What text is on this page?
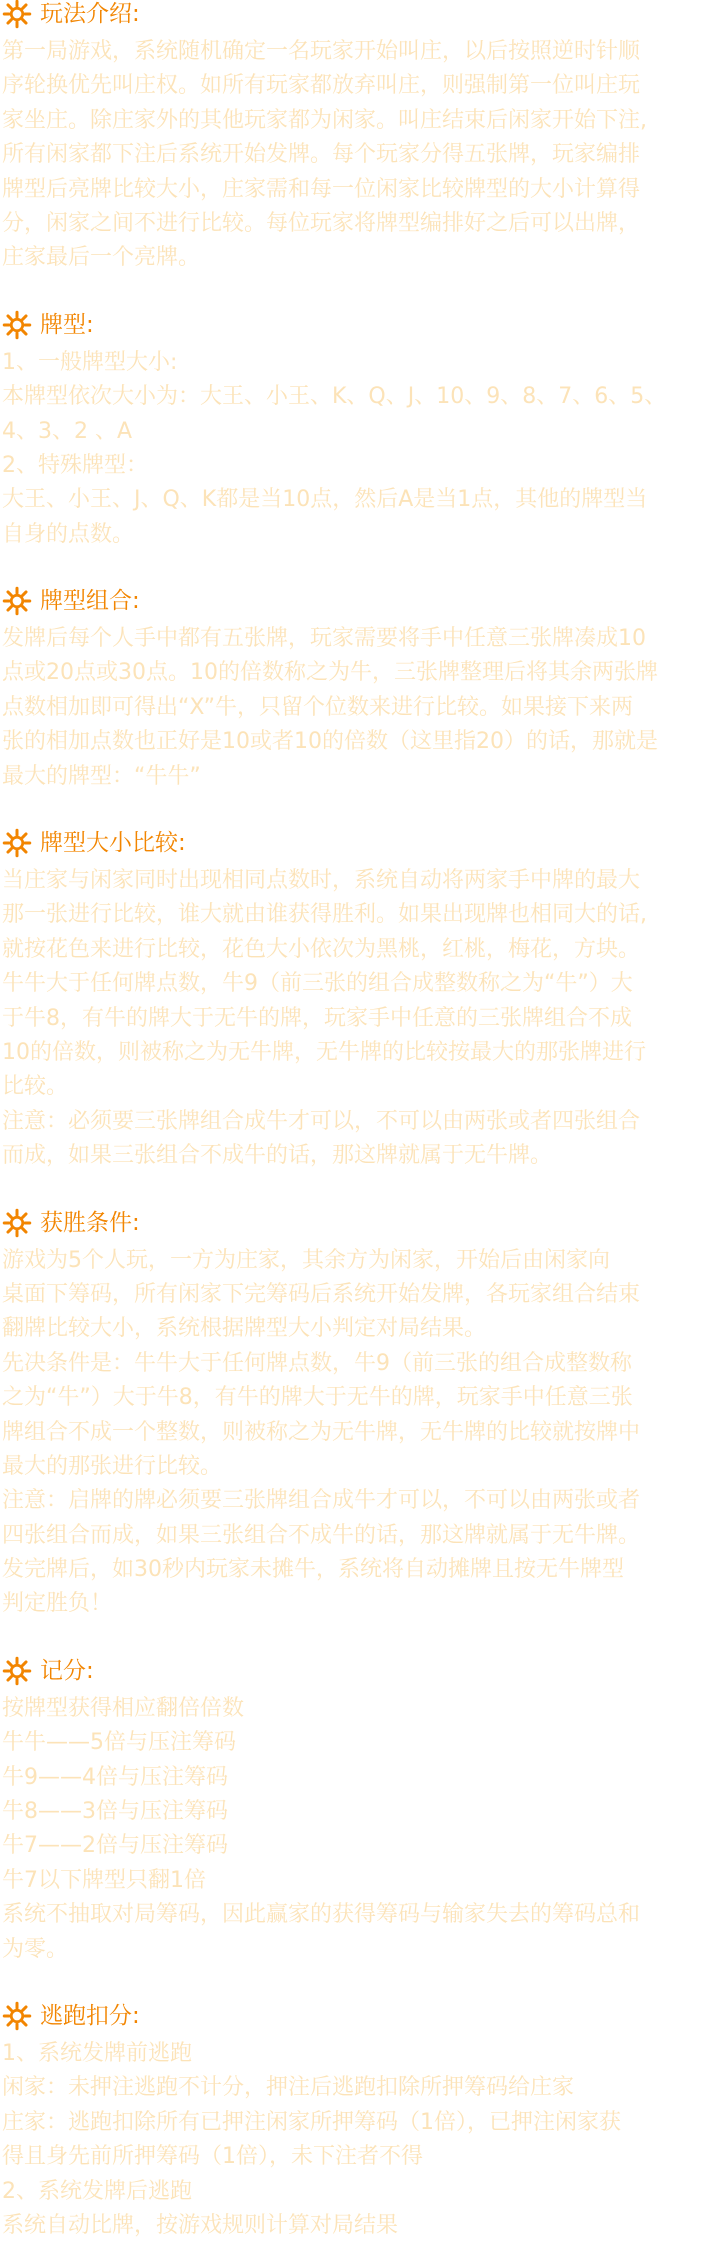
玩法介绍:
第一局游戏，系统随机确定一名玩家开始叫庄，以后按照逆时针顺
序轮换优先叫庄权。如所有玩家都放弃叫庄，则强制第一位叫庄玩
家坐庄。除庄家外的其他玩家都为闲家。叫庄结束后闲家开始下注,
所有闲家都下注后系统开始发牌。每个玩家分得五张牌，玩家编排
牌型后亮牌比较大小，庄家需和每一位闲家比较牌型的大小计算得
分，闲家之间不进行比较。每位玩家将牌型编排好之后可以出牌，
庄家最后一个亮牌。
牌型:
1、一般牌型大小:
本牌型依次大小为：大王、小王、K、Q、J、10、9、8、7、6、5、
4、3、2 、A
2、特殊牌型：
大王、小王、J、Q、K都是当10点，然后A是当1点，其他的牌型当
自身的点数。
牌型组合:
发牌后每个人手中都有五张牌，玩家需要将手中任意三张牌凑成10
点或20点或30点。10的倍数称之为牛，三张牌整理后将其余两张牌
点数相加即可得出“X”牛，只留个位数来进行比较。如果接下来两
张的相加点数也正好是10或者10的倍数（这里指20）的话，那就是
最大的牌型：“牛牛”
牌型大小比较:
当庄家与闲家同时出现相同点数时，系统自动将两家手中牌的最大
那一张进行比较，谁大就由谁获得胜利。如果出现牌也相同大的话,
就按花色来进行比较，花色大小依次为黑桃，红桃，梅花，方块。
牛牛大于任何牌点数，牛9（前三张的组合成整数称之为“牛”）大
于牛8，有牛的牌大于无牛的牌，玩家手中任意的三张牌组合不成
10的倍数，则被称之为无牛牌，无牛牌的比较按最大的那张牌进行
比较。
注意：必须要三张牌组合成牛才可以，不可以由两张或者四张组合
而成，如果三张组合不成牛的话，那这牌就属于无牛牌。
获胜条件:
游戏为5个人玩，一方为庄家，其余方为闲家，开始后由闲家向
桌面下筹码，所有闲家下完筹码后系统开始发牌，各玩家组合结束
翻牌比较大小，系统根据牌型大小判定对局结果。
先决条件是：牛牛大于任何牌点数，牛9（前三张的组合成整数称
之为“牛”）大于牛8，有牛的牌大于无牛的牌，玩家手中任意三张
牌组合不成一个整数，则被称之为无牛牌，无牛牌的比较就按牌中
最大的那张进行比较。
注意：启牌的牌必须要三张牌组合成牛才可以，不可以由两张或者
四张组合而成，如果三张组合不成牛的话，那这牌就属于无牛牌。
发完牌后，如30秒内玩家未摊牛，系统将自动摊牌且按无牛牌型
判定胜负！
记分:
按牌型获得相应翻倍倍数
牛牛——5倍与压注筹码
牛9——4倍与压注筹码
牛8——3倍与压注筹码
牛7——2倍与压注筹码
牛7以下牌型只翻1倍
系统不抽取对局筹码，因此赢家的获得筹码与输家失去的筹码总和
为零。
逃跑扣分:
1、系统发牌前逃跑
闲家：未押注逃跑不计分，押注后逃跑扣除所押筹码给庄家
庄家：逃跑扣除所有已押注闲家所押筹码（1倍），已押注闲家获
得且身先前所押筹码（1倍），未下注者不得
2、系统发牌后逃跑
系统自动比牌，按游戏规则计算对局结果
